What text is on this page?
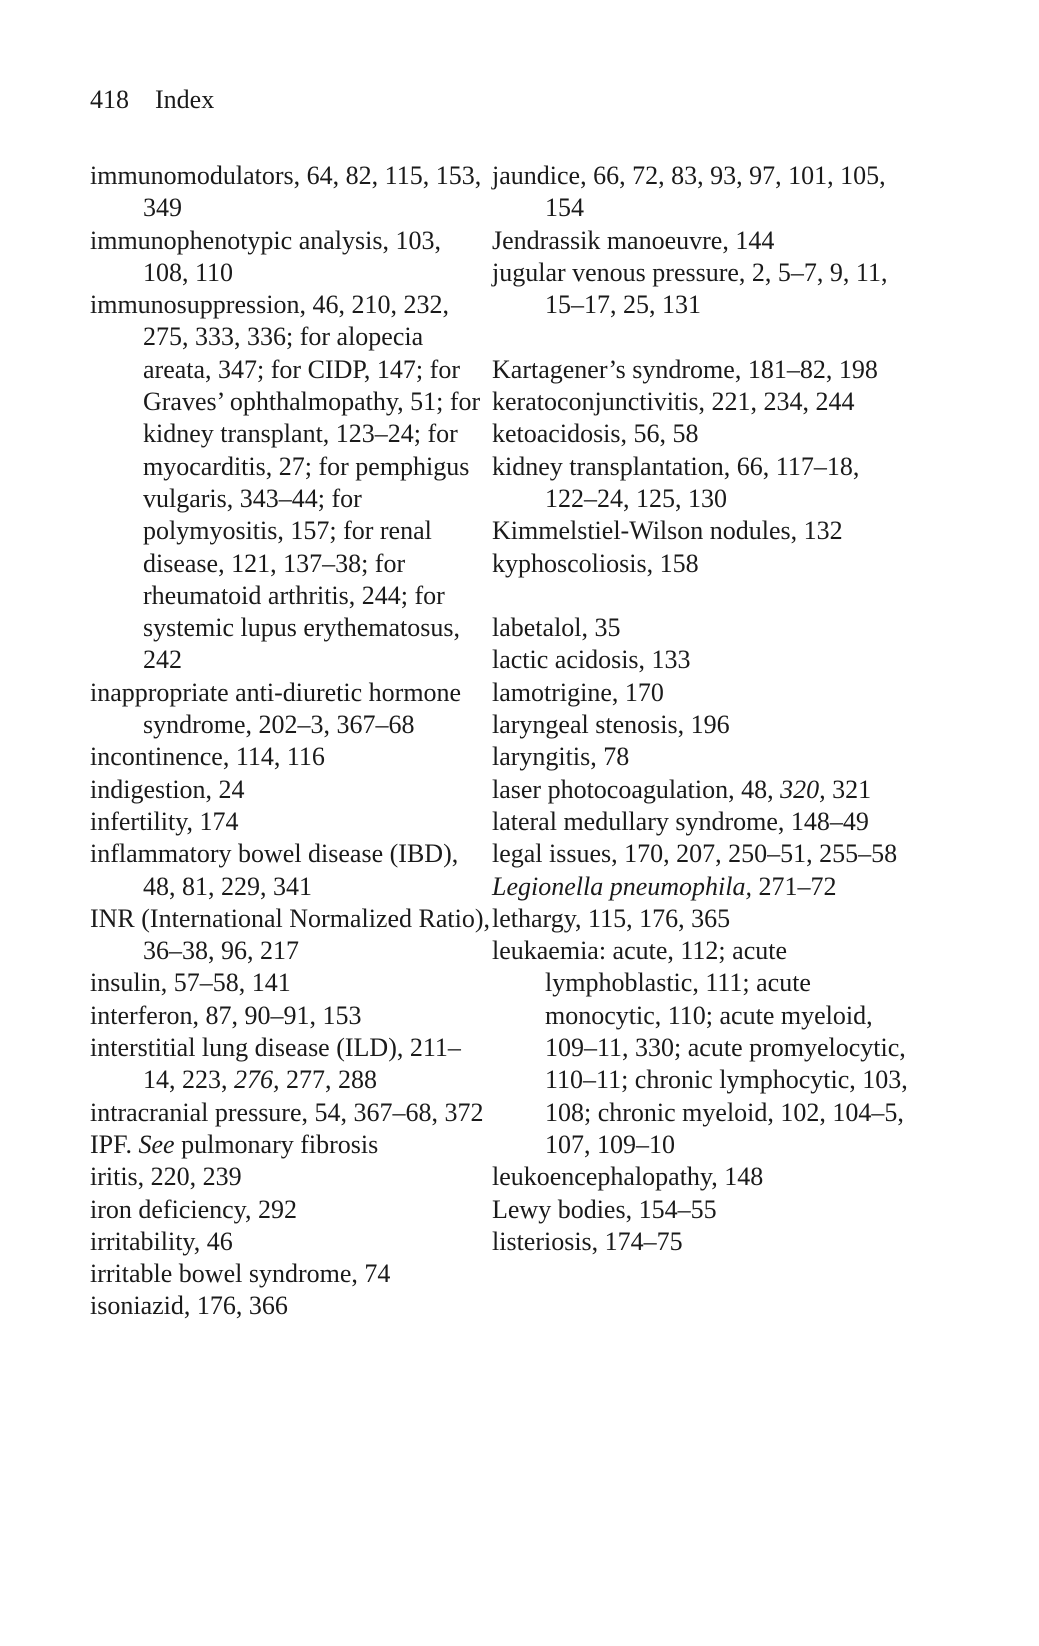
418 Index

immunomodulators, 64, 82, 115, 153, 349

immunophenotypic analysis, 103, 108, 110

immunosuppression, 46, 210, 232, 275, 333, 336; for alopecia areata, 347; for CIDP, 147; for Graves’ ophthalmopathy, 51; for kidney transplant, 123–24; for myocarditis, 27; for pemphigus vulgaris, 343–44; for polymyositis, 157; for renal disease, 121, 137–38; for rheumatoid arthritis, 244; for systemic lupus erythematosus, 242

inappropriate anti-diuretic hormone syndrome, 202–3, 367–68

incontinence, 114, 116

indigestion, 24

infertility, 174

inflammatory bowel disease (IBD), 48, 81, 229, 341

INR (International Normalized Ratio), 36–38, 96, 217

insulin, 57–58, 141

interferon, 87, 90–91, 153

interstitial lung disease (ILD), 211–14, 223, 276, 277, 288

intracranial pressure, 54, 367–68, 372

IPF. See pulmonary fibrosis

iritis, 220, 239

iron deficiency, 292

irritability, 46

irritable bowel syndrome, 74

isoniazid, 176, 366

jaundice, 66, 72, 83, 93, 97, 101, 105, 154

Jendrassik manoeuvre, 144

jugular venous pressure, 2, 5–7, 9, 11, 15–17, 25, 131

Kartagener’s syndrome, 181–82, 198

keratoconjunctivitis, 221, 234, 244

ketoacidosis, 56, 58

kidney transplantation, 66, 117–18, 122–24, 125, 130

Kimmelstiel-Wilson nodules, 132

kyphoscoliosis, 158

labetalol, 35

lactic acidosis, 133

lamotrigine, 170

laryngeal stenosis, 196

laryngitis, 78

laser photocoagulation, 48, 320, 321

lateral medullary syndrome, 148–49

legal issues, 170, 207, 250–51, 255–58

Legionella pneumophila, 271–72

lethargy, 115, 176, 365

leukaemia: acute, 112; acute lymphoblastic, 111; acute monocytic, 110; acute myeloid, 109–11, 330; acute promyelocytic, 110–11; chronic lymphocytic, 103, 108; chronic myeloid, 102, 104–5, 107, 109–10

leukoencephalopathy, 148

Lewy bodies, 154–55

listeriosis, 174–75
